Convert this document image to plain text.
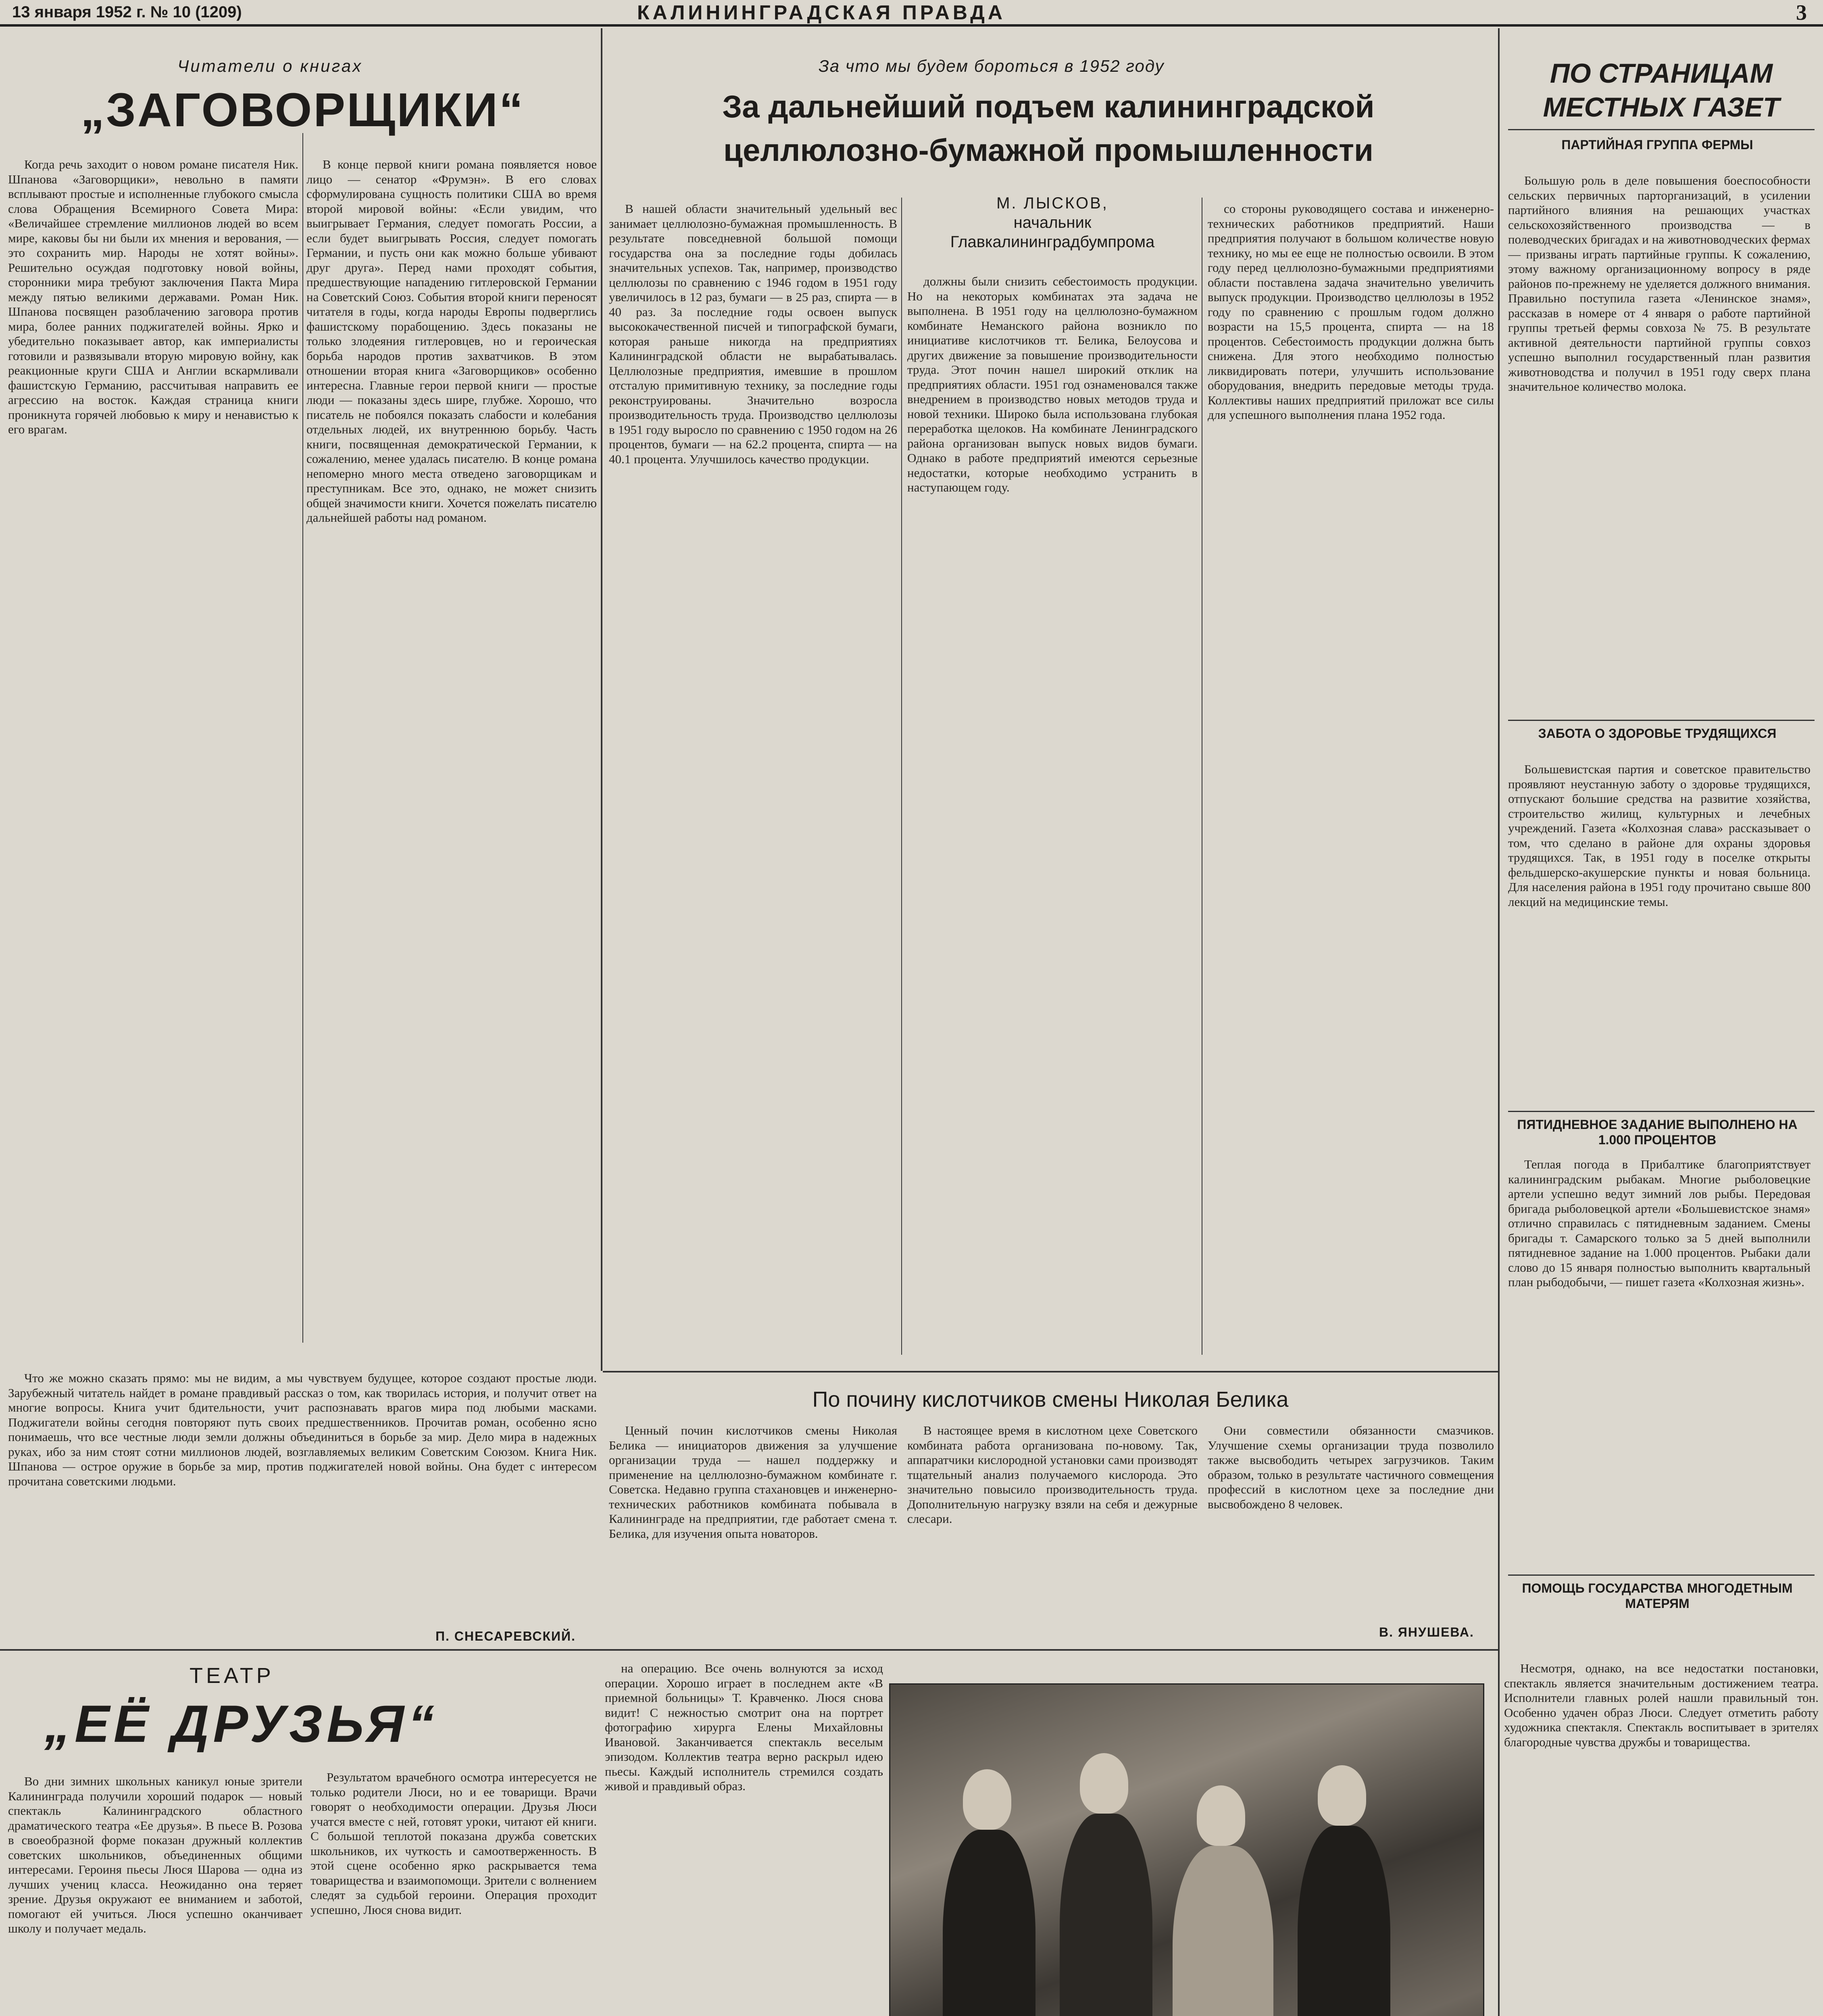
13 января 1952 г. № 10 (1209)	КАЛИНИНГРАДСКАЯ ПРАВДА	3
Читатели о книгах
„ЗАГОВОРЩИКИ“

Когда речь заходит о новом романе писателя Ник. Шпанова «Заговорщики», невольно в памяти всплывают простые и исполненные глубокого смысла слова Обращения Всемирного Совета Мира: «Величайшее стремление миллионов людей во всем мире, каковы бы ни были их мнения и верования, — это сохранить мир. Народы не хотят войны». Решительно осуждая подготовку новой войны, сторонники мира требуют заключения Пакта Мира между пятью великими державами. Роман Ник. Шпанова посвящен разоблачению заговора против мира, более ранних поджигателей войны. Ярко и убедительно показывает автор, как империалисты готовили и развязывали вторую мировую войну, как реакционные круги США и Англии вскармливали фашистскую Германию, рассчитывая направить ее агрессию на восток. Каждая страница книги проникнута горячей любовью к миру и ненавистью к его врагам.

В конце первой книги романа появляется новое лицо — сенатор «Фрумэн». В его словах сформулирована сущность политики США во время второй мировой войны: «Если увидим, что выигрывает Германия, следует помогать России, а если будет выигрывать Россия, следует помогать Германии, и пусть они как можно больше убивают друг друга». Перед нами проходят события, предшествующие нападению гитлеровской Германии на Советский Союз. События второй книги переносят читателя в годы, когда народы Европы подверглись фашистскому порабощению. Здесь показаны не только злодеяния гитлеровцев, но и героическая борьба народов против захватчиков. В этом отношении вторая книга «Заговорщиков» особенно интересна. Главные герои первой книги — простые люди — показаны здесь шире, глубже. Хорошо, что писатель не побоялся показать слабости и колебания отдельных людей, их внутреннюю борьбу. Часть книги, посвященная демократической Германии, к сожалению, менее удалась писателю. В конце романа непомерно много места отведено заговорщикам и преступникам. Все это, однако, не может снизить общей значимости книги. Хочется пожелать писателю дальнейшей работы над романом.

Что же можно сказать прямо: мы не видим, а мы чувствуем будущее, которое создают простые люди. Зарубежный читатель найдет в романе правдивый рассказ о том, как творилась история, и получит ответ на многие вопросы. Книга учит бдительности, учит распознавать врагов мира под любыми масками. Поджигатели войны сегодня повторяют путь своих предшественников. Прочитав роман, особенно ясно понимаешь, что все честные люди земли должны объединиться в борьбе за мир. Дело мира в надежных руках, ибо за ним стоят сотни миллионов людей, возглавляемых великим Советским Союзом. Книга Ник. Шпанова — острое оружие в борьбе за мир, против поджигателей новой войны. Она будет с интересом прочитана советскими людьми.

П. СНЕСАРЕВСКИЙ.
За что мы будем бороться в 1952 году
За дальнейший подъем калининградской целлюлозно-бумажной промышленности
М. ЛЫСКОВ,
начальник
Главкалининградбумпрома

В нашей области значительный удельный вес занимает целлюлозно-бумажная промышленность. В результате повседневной большой помощи государства она за последние годы добилась значительных успехов. Так, например, производство целлюлозы по сравнению с 1946 годом в 1951 году увеличилось в 12 раз, бумаги — в 25 раз, спирта — в 40 раз. За последние годы освоен выпуск высококачественной писчей и типографской бумаги, которая раньше никогда на предприятиях Калининградской области не вырабатывалась. Целлюлозные предприятия, имевшие в прошлом отсталую примитивную технику, за последние годы реконструированы. Значительно возросла производительность труда. Производство целлюлозы в 1951 году выросло по сравнению с 1950 годом на 26 процентов, бумаги — на 62.2 процента, спирта — на 40.1 процента. Улучшилось качество продукции.

должны были снизить себестоимость продукции. Но на некоторых комбинатах эта задача не выполнена. В 1951 году на целлюлозно-бумажном комбинате Неманского района возникло по инициативе кислотчиков тт. Белика, Белоусова и других движение за повышение производительности труда. Этот почин нашел широкий отклик на предприятиях области. 1951 год ознаменовался также внедрением в производство новых методов труда и новой техники. Широко была использована глубокая переработка щелоков. На комбинате Ленинградского района организован выпуск новых видов бумаги. Однако в работе предприятий имеются серьезные недостатки, которые необходимо устранить в наступающем году.

со стороны руководящего состава и инженерно-технических работников предприятий. Наши предприятия получают в большом количестве новую технику, но мы ее еще не полностью освоили. В этом году перед целлюлозно-бумажными предприятиями области поставлена задача значительно увеличить выпуск продукции. Производство целлюлозы в 1952 году по сравнению с прошлым годом должно возрасти на 15,5 процента, спирта — на 18 процентов. Себестоимость продукции должна быть снижена. Для этого необходимо полностью ликвидировать потери, улучшить использование оборудования, внедрить передовые методы труда. Коллективы наших предприятий приложат все силы для успешного выполнения плана 1952 года.

По почину кислотчиков смены Николая Белика

Ценный почин кислотчиков смены Николая Белика — инициаторов движения за улучшение организации труда — нашел поддержку и применение на целлюлозно-бумажном комбинате г. Советска. Недавно группа стахановцев и инженерно-технических работников комбината побывала в Калининграде на предприятии, где работает смена т. Белика, для изучения опыта новаторов.

В настоящее время в кислотном цехе Советского комбината работа организована по-новому. Так, аппаратчики кислородной установки сами производят тщательный анализ получаемого кислорода. Это значительно повысило производительность труда. Дополнительную нагрузку взяли на себя и дежурные слесари.

Они совместили обязанности смазчиков. Улучшение схемы организации труда позволило также высвободить четырех загрузчиков. Таким образом, только в результате частичного совмещения профессий в кислотном цехе за последние дни высвобождено 8 человек.

В. ЯНУШЕВА.
ТЕАТР
„ЕЁ ДРУЗЬЯ“

Во дни зимних школьных каникул юные зрители Калининграда получили хороший подарок — новый спектакль Калининградского областного драматического театра «Ее друзья». В пьесе В. Розова в своеобразной форме показан дружный коллектив советских школьников, объединенных общими интересами. Героиня пьесы Люся Шарова — одна из лучших учениц класса. Неожиданно она теряет зрение. Друзья окружают ее вниманием и заботой, помогают ей учиться. Люся успешно оканчивает школу и получает медаль.

Результатом врачебного осмотра интересуется не только родители Люси, но и ее товарищи. Врачи говорят о необходимости операции. Друзья Люси учатся вместе с ней, готовят уроки, читают ей книги. С большой теплотой показана дружба советских школьников, их чуткость и самоотверженность. В этой сцене особенно ярко раскрывается тема товарищества и взаимопомощи. Зрители с волнением следят за судьбой героини. Операция проходит успешно, Люся снова видит.

на операцию. Все очень волнуются за исход операции. Хорошо играет в последнем акте «В приемной больницы» Т. Кравченко. Люся снова видит! С нежностью смотрит она на портрет фотографию хирурга Елены Михайловны Ивановой. Заканчивается спектакль веселым эпизодом. Коллектив театра верно раскрыл идею пьесы. Каждый исполнитель стремился создать живой и правдивый образ.

Несмотря, однако, на все недостатки постановки, спектакль является значительным достижением театра. Исполнители главных ролей нашли правильный тон. Особенно удачен образ Люси. Следует отметить работу художника спектакля. Спектакль воспитывает в зрителях благородные чувства дружбы и товарищества.

ПО СТРАНИЦАМ МЕСТНЫХ ГАЗЕТ
ПАРТИЙНАЯ ГРУППА ФЕРМЫ

Большую роль в деле повышения боеспособности сельских первичных парторганизаций, в усилении партийного влияния на решающих участках сельскохозяйственного производства — в полеводческих бригадах и на животноводческих фермах — призваны играть партийные группы. К сожалению, этому важному организационному вопросу в ряде районов по-прежнему не уделяется должного внимания. Правильно поступила газета «Ленинское знамя», рассказав в номере от 4 января о работе партийной группы третьей фермы совхоза № 75. В результате активной деятельности партийной группы совхоз успешно выполнил государственный план развития животноводства и получил в 1951 году сверх плана значительное количество молока.

ЗАБОТА О ЗДОРОВЬЕ ТРУДЯЩИХСЯ

Большевистская партия и советское правительство проявляют неустанную заботу о здоровье трудящихся, отпускают большие средства на развитие хозяйства, строительство жилищ, культурных и лечебных учреждений. Газета «Колхозная слава» рассказывает о том, что сделано в районе для охраны здоровья трудящихся. Так, в 1951 году в поселке открыты фельдшерско-акушерские пункты и новая больница. Для населения района в 1951 году прочитано свыше 800 лекций на медицинские темы.

ПЯТИДНЕВНОЕ ЗАДАНИЕ ВЫПОЛНЕНО НА 1.000 ПРОЦЕНТОВ

Теплая погода в Прибалтике благоприятствует калининградским рыбакам. Многие рыболовецкие артели успешно ведут зимний лов рыбы. Передовая бригада рыболовецкой артели «Большевистское знамя» отлично справилась с пятидневным заданием. Смены бригады т. Самарского только за 5 дней выполнили пятидневное задание на 1.000 процентов. Рыбаки дали слово до 15 января полностью выполнить квартальный план рыбодобычи, — пишет газета «Колхозная жизнь».

ПОМОЩЬ ГОСУДАРСТВА МНОГОДЕТНЫМ МАТЕРЯМ
